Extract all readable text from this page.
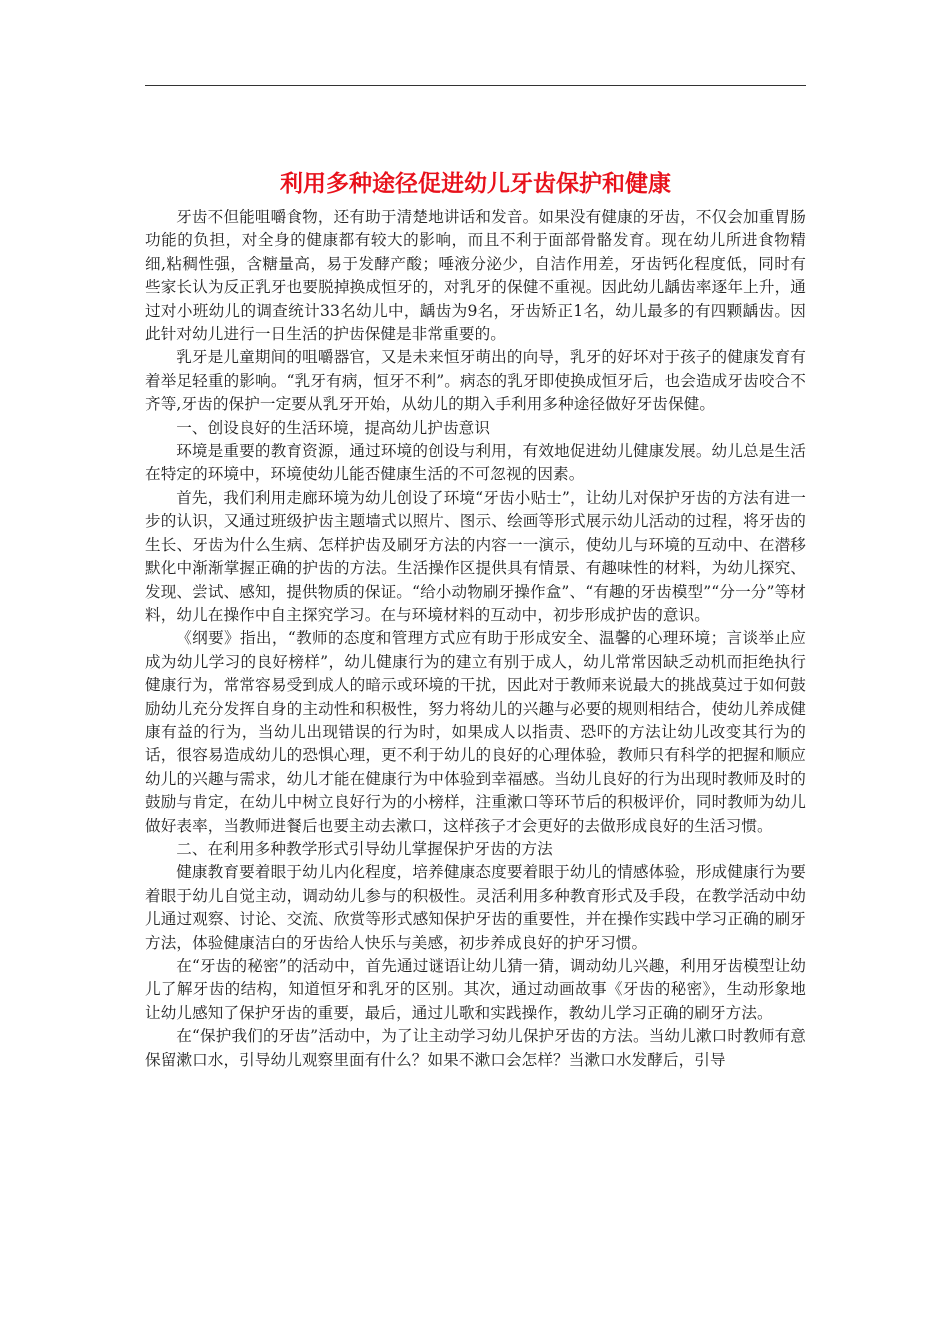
利用多种途径促进幼儿牙齿保护和健康

牙齿不但能咀嚼食物，还有助于清楚地讲话和发音。如果没有健康的牙齿，不仅会加重胃肠功能的负担，对全身的健康都有较大的影响，而且不利于面部骨骼发育。现在幼儿所进食物精细,粘稠性强，含糖量高，易于发酵产酸；唾液分泌少，自洁作用差，牙齿钙化程度低，同时有些家长认为反正乳牙也要脱掉换成恒牙的，对乳牙的保健不重视。因此幼儿龋齿率逐年上升，通过对小班幼儿的调查统计33名幼儿中，龋齿为9名，牙齿矫正1名，幼儿最多的有四颗龋齿。因此针对幼儿进行一日生活的护齿保健是非常重要的。

乳牙是儿童期间的咀嚼器官，又是未来恒牙萌出的向导，乳牙的好坏对于孩子的健康发育有着举足轻重的影响。“乳牙有病，恒牙不利”。病态的乳牙即使换成恒牙后，也会造成牙齿咬合不齐等,牙齿的保护一定要从乳牙开始，从幼儿的期入手利用多种途径做好牙齿保健。

一、创设良好的生活环境，提高幼儿护齿意识

环境是重要的教育资源，通过环境的创设与利用，有效地促进幼儿健康发展。幼儿总是生活在特定的环境中，环境使幼儿能否健康生活的不可忽视的因素。

首先，我们利用走廊环境为幼儿创设了环境“牙齿小贴士”，让幼儿对保护牙齿的方法有进一步的认识，又通过班级护齿主题墙式以照片、图示、绘画等形式展示幼儿活动的过程，将牙齿的生长、牙齿为什么生病、怎样护齿及刷牙方法的内容一一演示，使幼儿与环境的互动中、在潜移默化中渐渐掌握正确的护齿的方法。生活操作区提供具有情景、有趣味性的材料，为幼儿探究、发现、尝试、感知，提供物质的保证。“给小动物刷牙操作盒”、“有趣的牙齿模型”“分一分”等材料，幼儿在操作中自主探究学习。在与环境材料的互动中，初步形成护齿的意识。

《纲要》指出，“教师的态度和管理方式应有助于形成安全、温馨的心理环境；言谈举止应成为幼儿学习的良好榜样”，幼儿健康行为的建立有别于成人，幼儿常常因缺乏动机而拒绝执行健康行为，常常容易受到成人的暗示或环境的干扰，因此对于教师来说最大的挑战莫过于如何鼓励幼儿充分发挥自身的主动性和积极性，努力将幼儿的兴趣与必要的规则相结合，使幼儿养成健康有益的行为，当幼儿出现错误的行为时，如果成人以指责、恐吓的方法让幼儿改变其行为的话，很容易造成幼儿的恐惧心理，更不利于幼儿的良好的心理体验，教师只有科学的把握和顺应幼儿的兴趣与需求，幼儿才能在健康行为中体验到幸福感。当幼儿良好的行为出现时教师及时的鼓励与肯定，在幼儿中树立良好行为的小榜样，注重漱口等环节后的积极评价，同时教师为幼儿做好表率，当教师进餐后也要主动去漱口，这样孩子才会更好的去做形成良好的生活习惯。

二、在利用多种教学形式引导幼儿掌握保护牙齿的方法

健康教育要着眼于幼儿内化程度，培养健康态度要着眼于幼儿的情感体验，形成健康行为要着眼于幼儿自觉主动，调动幼儿参与的积极性。灵活利用多种教育形式及手段，在教学活动中幼儿通过观察、讨论、交流、欣赏等形式感知保护牙齿的重要性，并在操作实践中学习正确的刷牙方法，体验健康洁白的牙齿给人快乐与美感，初步养成良好的护牙习惯。

在“牙齿的秘密”的活动中，首先通过谜语让幼儿猜一猜，调动幼儿兴趣，利用牙齿模型让幼儿了解牙齿的结构，知道恒牙和乳牙的区别。其次，通过动画故事《牙齿的秘密》，生动形象地让幼儿感知了保护牙齿的重要，最后，通过儿歌和实践操作，教幼儿学习正确的刷牙方法。

在“保护我们的牙齿”活动中，为了让主动学习幼儿保护牙齿的方法。当幼儿漱口时教师有意保留漱口水，引导幼儿观察里面有什么？如果不漱口会怎样？当漱口水发酵后，引导
